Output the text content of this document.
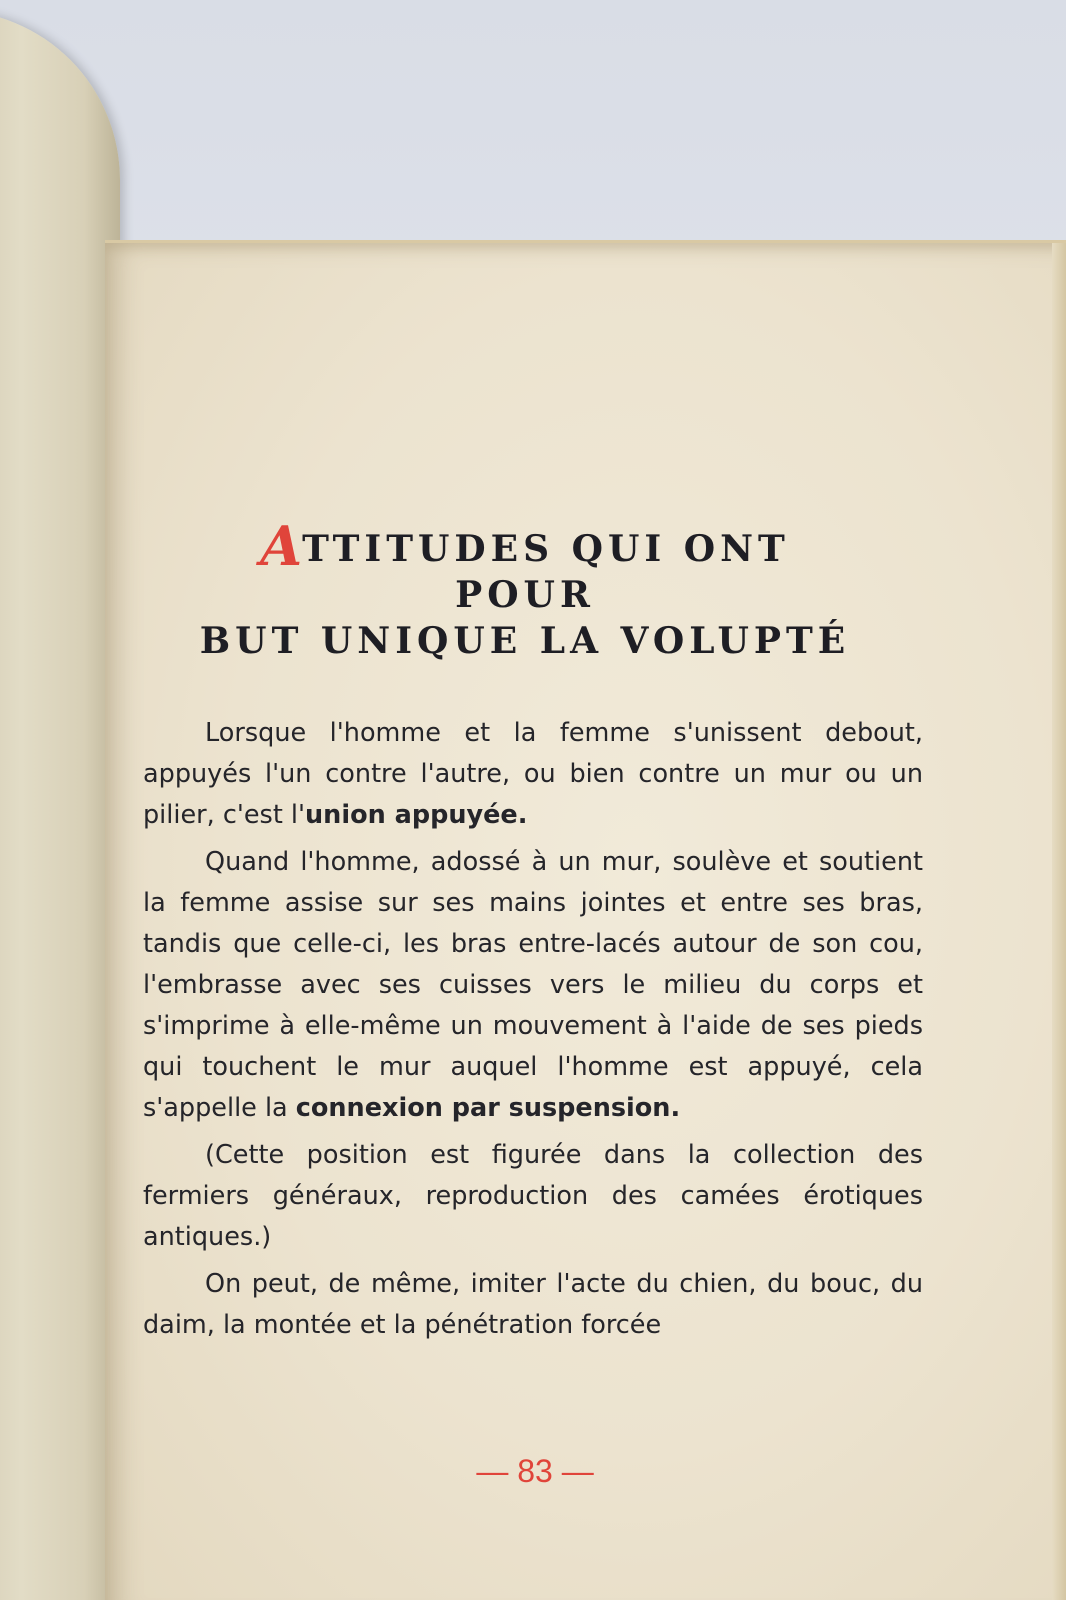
ATTITUDES QUI ONT
POUR
BUT UNIQUE LA VOLUPTÉ

Lorsque l'homme et la femme s'unissent debout, appuyés l'un contre l'autre, ou bien contre un mur ou un pilier, c'est l'union appuyée.

Quand l'homme, adossé à un mur, soulève et soutient la femme assise sur ses mains jointes et entre ses bras, tandis que celle-ci, les bras entre-lacés autour de son cou, l'embrasse avec ses cuisses vers le milieu du corps et s'imprime à elle-même un mouvement à l'aide de ses pieds qui touchent le mur auquel l'homme est appuyé, cela s'appelle la connexion par suspension.

(Cette position est figurée dans la collection des fermiers généraux, reproduction des camées érotiques antiques.)

On peut, de même, imiter l'acte du chien, du bouc, du daim, la montée et la pénétration forcée

— 83 —
